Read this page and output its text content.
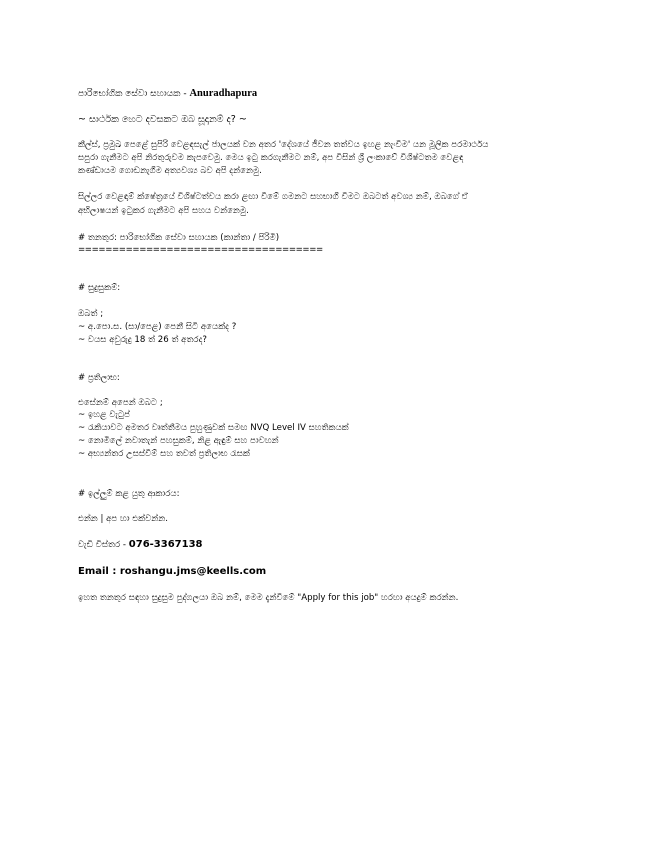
පාරිභෝගික සේවා සහායක - Anuradhapura

~ සාර්ථක හෙට දවසකට ඔබ සූදානම් ද? ~

කීල්ස්, ප්‍රමුඛ පෙළේ සුපිරි වෙළඳසැල් ජාලයක් වන අතර 'දේශයේ ජීවන තත්වය ඉහළ නැංවීම' යන මූලික පරමාර්ථය

සපුරා ගැනීමට අපි නිරතුරුවම කැපවෙමු. මෙය ඉටු කරගැනීමට නම්, අප විසින් ශ්‍රී ලංකාවේ විශිෂ්ටතම වෙළඳ

කණ්ඩායම ගොඩනැගීම අත්‍යවශ්‍ය බව අපි දන්නෙමු.

සිල්ලර වෙළඳාම් ක්ෂේත්‍රයේ විශිෂ්ටත්වය කරා ළඟා වීමේ ගමනට සහභාගී වීමට ඔබටත් අවශ්‍ය නම්, ඔබගේ ඒ

අභිලාෂයන් ඉටුකර ගැනීමට අපි සහය වන්නෙමු.

# තනතුර: පාරිභෝගික සේවා සහායක (කාන්තා / පිරිමි)

====================================

# සුදුසුකම්:

ඔබත් ;

~ අ.පො.ස. (සා/පෙළ) පෙනී සිටි අයෙක්ද ?

~ වයස අවුරුදු 18 ත් 26 ත් අතරද?

# ප්‍රතිලාභ:

එසේනම් අපෙන් ඔබට ;

~ ඉහළ වැටුප්

~ රැකියාවට අමතර වෘත්තීමය පුහුණුවක් සමඟ NVQ Level IV සහතිකයක්

~ නොමිලේ නවාතැන් පහසුකම්, නිළ ඇඳුම් සහ පාවහන්

~ අභ්‍යන්තර උසස්වීම් සහ තවත් ප්‍රතිලාභ රැසක්

# ඉල්ලුම් කළ යුතු ආකාරය:

එන්න | අප හා එක්වන්න.

වැඩි විස්තර - 076-3367138

Email : roshangu.jms@keells.com

ඉහත තනතුර සඳහා සුදුසුම පුද්ගලයා ඔබ නම්, මෙම දැන්වීමේ "Apply for this job" හරහා අයදුම් කරන්න.
